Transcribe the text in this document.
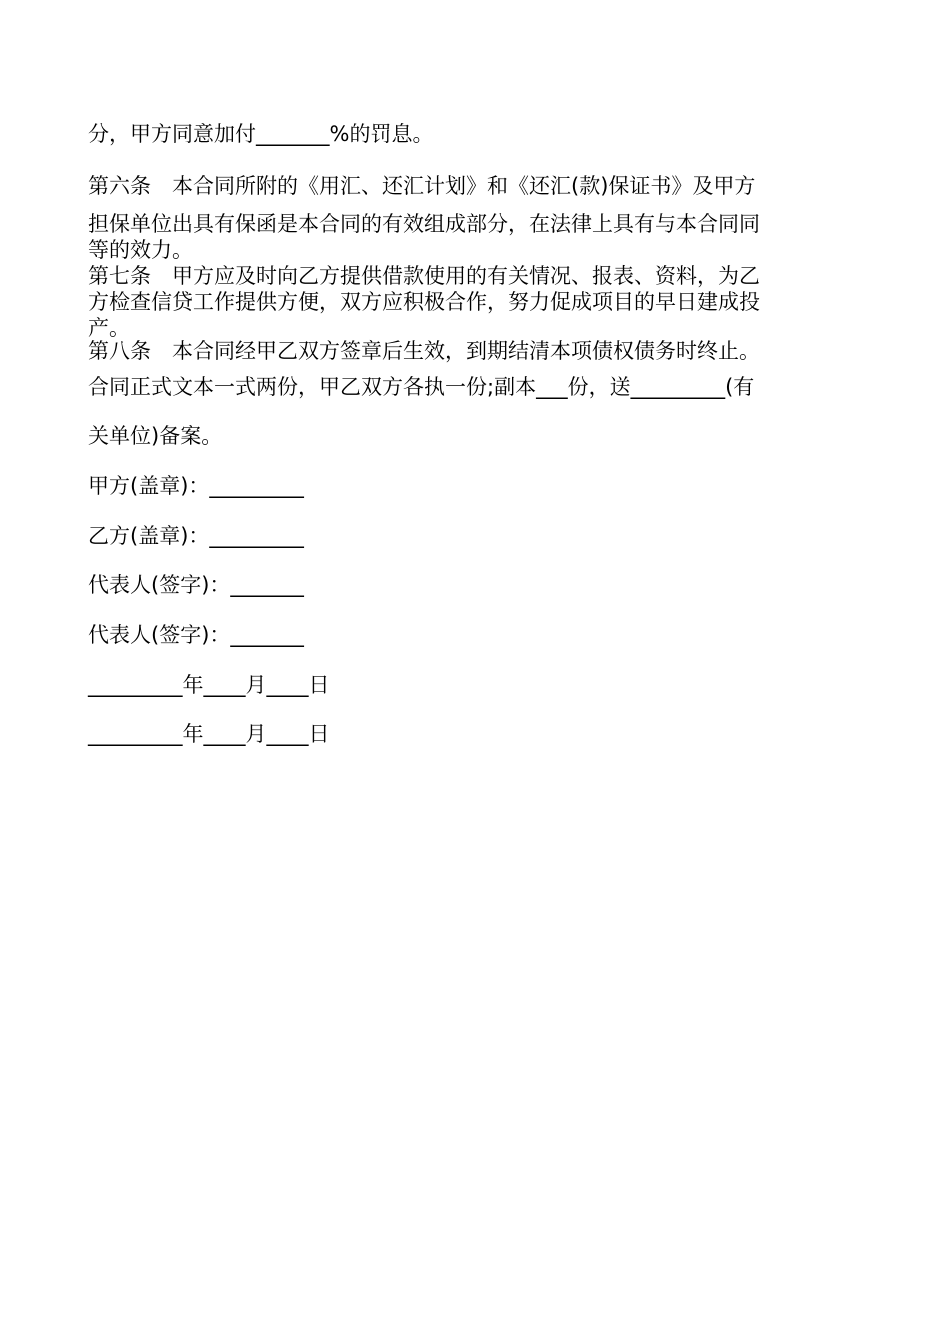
分，甲方同意加付_______%的罚息。

第六条　本合同所附的《用汇、还汇计划》和《还汇(款)保证书》及甲方

担保单位出具有保函是本合同的有效组成部分，在法律上具有与本合同同

等的效力。

第七条　甲方应及时向乙方提供借款使用的有关情况、报表、资料，为乙

方检查信贷工作提供方便，双方应积极合作，努力促成项目的早日建成投

产。

第八条　本合同经甲乙双方签章后生效，到期结清本项债权债务时终止。

合同正式文本一式两份，甲乙双方各执一份;副本___份，送_________(有

关单位)备案。

甲方(盖章)：_________

乙方(盖章)：_________

代表人(签字)：_______

代表人(签字)：_______

_________年____月____日

_________年____月____日
